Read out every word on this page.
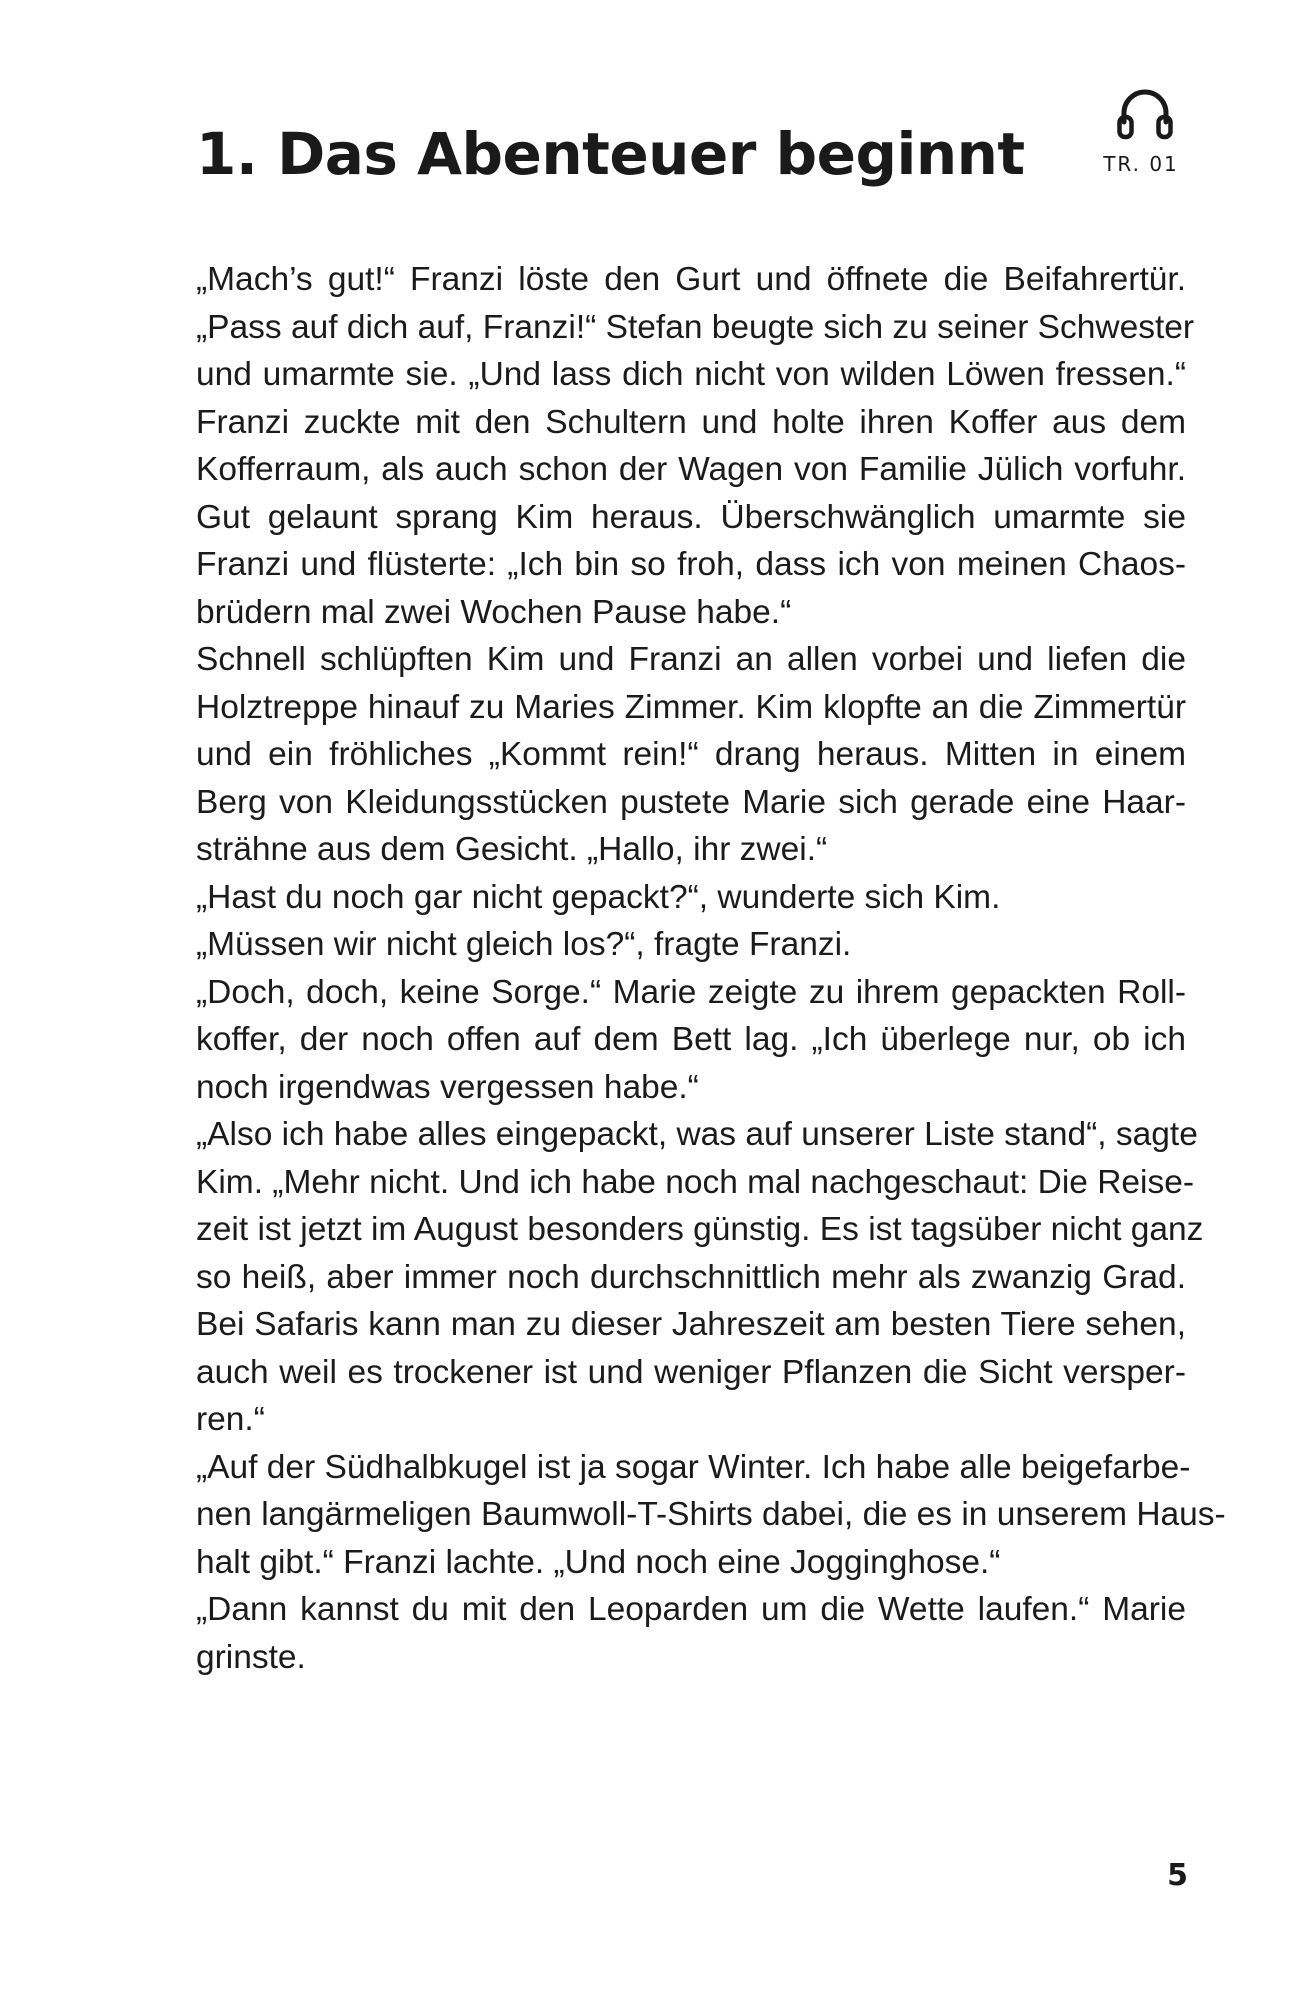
1. Das Abenteuer beginnt	TR. 01
„Mach’s gut!“ Franzi löste den Gurt und öffnete die Beifahrertür.
„Pass auf dich auf, Franzi!“ Stefan beugte sich zu seiner Schwester
und umarmte sie. „Und lass dich nicht von wilden Löwen fressen.“
Franzi zuckte mit den Schultern und holte ihren Koffer aus dem
Kofferraum, als auch schon der Wagen von Familie Jülich vorfuhr.
Gut gelaunt sprang Kim heraus. Überschwänglich umarmte sie
Franzi und flüsterte: „Ich bin so froh, dass ich von meinen Chaos-
brüdern mal zwei Wochen Pause habe.“
Schnell schlüpften Kim und Franzi an allen vorbei und liefen die
Holztreppe hinauf zu Maries Zimmer. Kim klopfte an die Zimmertür
und ein fröhliches „Kommt rein!“ drang heraus. Mitten in einem
Berg von Kleidungsstücken pustete Marie sich gerade eine Haar-
strähne aus dem Gesicht. „Hallo, ihr zwei.“
„Hast du noch gar nicht gepackt?“, wunderte sich Kim.
„Müssen wir nicht gleich los?“, fragte Franzi.
„Doch, doch, keine Sorge.“ Marie zeigte zu ihrem gepackten Roll-
koffer, der noch offen auf dem Bett lag. „Ich überlege nur, ob ich
noch irgendwas vergessen habe.“
„Also ich habe alles eingepackt, was auf unserer Liste stand“, sagte
Kim. „Mehr nicht. Und ich habe noch mal nachgeschaut: Die Reise-
zeit ist jetzt im August besonders günstig. Es ist tagsüber nicht ganz
so heiß, aber immer noch durchschnittlich mehr als zwanzig Grad.
Bei Safaris kann man zu dieser Jahreszeit am besten Tiere sehen,
auch weil es trockener ist und weniger Pflanzen die Sicht versper-
ren.“
„Auf der Südhalbkugel ist ja sogar Winter. Ich habe alle beigefarbe-
nen langärmeligen Baumwoll-T-Shirts dabei, die es in unserem Haus-
halt gibt.“ Franzi lachte. „Und noch eine Jogginghose.“
„Dann kannst du mit den Leoparden um die Wette laufen.“ Marie
grinste.
5
